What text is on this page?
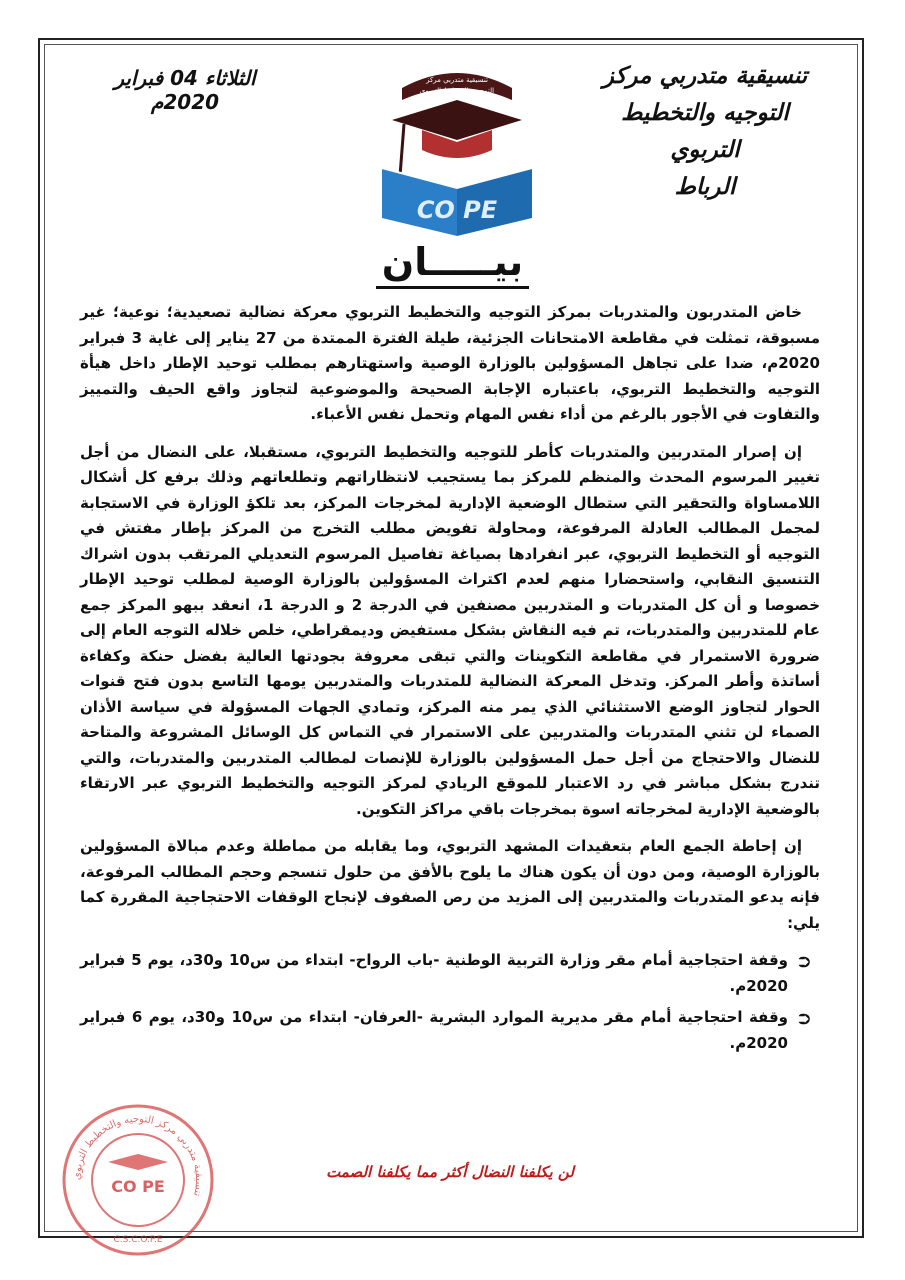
تنسيقية متدربي مركز
التوجيه والتخطيط التربوي
الرباط
الثلاثاء 04 فبراير 2020م
تنسيقية متدربي مركز
التوجيه والتخطيط التربوي
CO PE
بيـــــان

خاض المتدربون والمتدربات بمركز التوجيه والتخطيط التربوي معركة نضالية تصعيدية؛ نوعية؛ غير مسبوقة، تمثلت في مقاطعة الامتحانات الجزئية، طيلة الفترة الممتدة من 27 يناير إلى غاية 3 فبراير 2020م، ضدا على تجاهل المسؤولين بالوزارة الوصية واستهتارهم بمطلب توحيد الإطار داخل هيأة التوجيه والتخطيط التربوي، باعتباره الإجابة الصحيحة والموضوعية لتجاوز واقع الحيف والتمييز والتفاوت في الأجور بالرغم من أداء نفس المهام وتحمل نفس الأعباء.

إن إصرار المتدربين والمتدربات كأطر للتوجيه والتخطيط التربوي، مستقبلا، على النضال من أجل تغيير المرسوم المحدث والمنظم للمركز بما يستجيب لانتظاراتهم وتطلعاتهم وذلك برفع كل أشكال اللامساواة والتحقير التي ستطال الوضعية الإدارية لمخرجات المركز، بعد تلكؤ الوزارة في الاستجابة لمجمل المطالب العادلة المرفوعة، ومحاولة تفويض مطلب التخرج من المركز بإطار مفتش في التوجيه أو التخطيط التربوي، عبر انفرادها بصياغة تفاصيل المرسوم التعديلي المرتقب بدون اشراك التنسيق النقابي، واستحضارا منهم لعدم اكتراث المسؤولين بالوزارة الوصية لمطلب توحيد الإطار خصوصا و أن كل المتدربات و المتدربين مصنفين في الدرجة 2 و الدرجة 1، انعقد ببهو المركز جمع عام للمتدربين والمتدربات، تم فيه النقاش بشكل مستفيض وديمقراطي، خلص خلاله التوجه العام إلى ضرورة الاستمرار في مقاطعة التكوينات والتي تبقى معروفة بجودتها العالية بفضل حنكة وكفاءة أساتذة وأطر المركز. وتدخل المعركة النضالية للمتدربات والمتدربين يومها التاسع بدون فتح قنوات الحوار لتجاوز الوضع الاستثنائي الذي يمر منه المركز، وتمادي الجهات المسؤولة في سياسة الأذان الصماء لن تثني المتدربات والمتدربين على الاستمرار في التماس كل الوسائل المشروعة والمتاحة للنضال والاحتجاج من أجل حمل المسؤولين بالوزارة للإنصات لمطالب المتدربين والمتدربات، والتي تندرج بشكل مباشر في رد الاعتبار للموقع الريادي لمركز التوجيه والتخطيط التربوي عبر الارتقاء بالوضعية الإدارية لمخرجاته اسوة بمخرجات باقي مراكز التكوين.

إن إحاطة الجمع العام بتعقيدات المشهد التربوي، وما يقابله من مماطلة وعدم مبالاة المسؤولين بالوزارة الوصية، ومن دون أن يكون هناك ما يلوح بالأفق من حلول تنسجم وحجم المطالب المرفوعة، فإنه يدعو المتدربات والمتدربين إلى المزيد من رص الصفوف لإنجاح الوقفات الاحتجاجية المقررة كما يلي:

⮊
وقفة احتجاجية أمام مقر وزارة التربية الوطنية -باب الرواح- ابتداء من س10 و30د، يوم 5 فبراير 2020م.
⮊
وقفة احتجاجية أمام مقر مديرية الموارد البشرية -العرفان- ابتداء من س10 و30د، يوم 6 فبراير 2020م.
لن يكلفنا النضال أكثر مما يكلفنا الصمت
تنسيقية متدربي مركز التوجيه والتخطيط التربوي
CO PE
C.S.C.O.P.E
